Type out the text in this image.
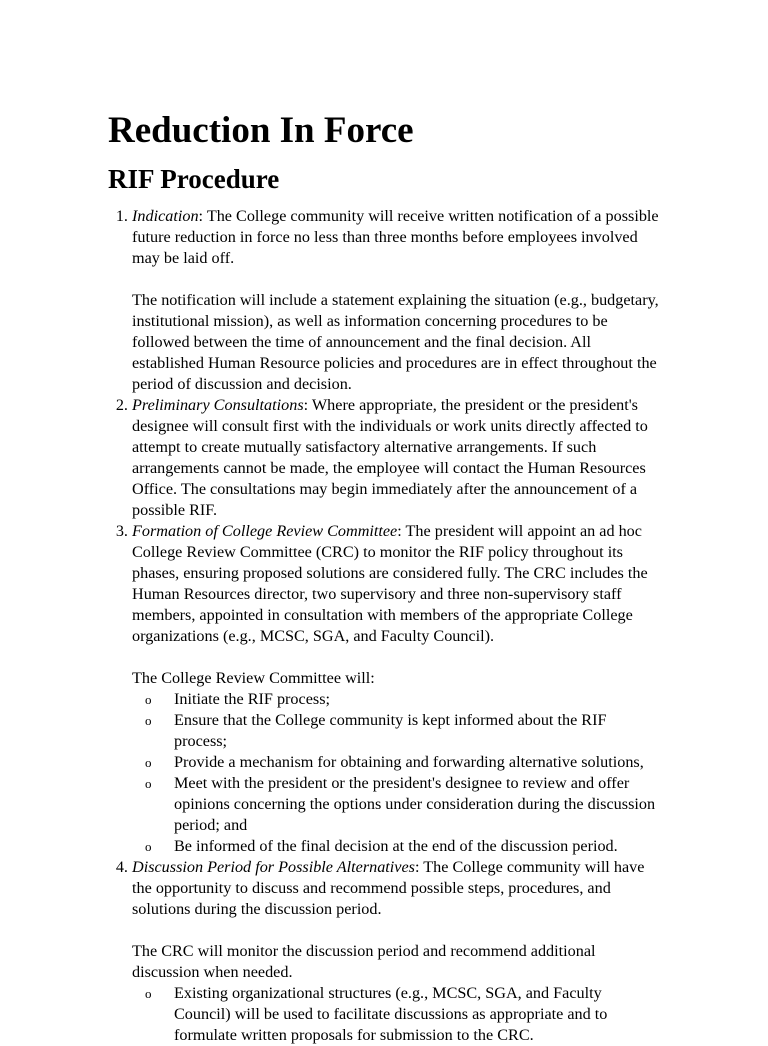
Reduction In Force
RIF Procedure

1. Indication: The College community will receive written notification of a possible future reduction in force no less than three months before employees involved may be laid off.

The notification will include a statement explaining the situation (e.g., budgetary, institutional mission), as well as information concerning procedures to be followed between the time of announcement and the final decision. All established Human Resource policies and procedures are in effect throughout the period of discussion and decision.

2. Preliminary Consultations: Where appropriate, the president or the president's designee will consult first with the individuals or work units directly affected to attempt to create mutually satisfactory alternative arrangements. If such arrangements cannot be made, the employee will contact the Human Resources Office. The consultations may begin immediately after the announcement of a possible RIF.

3. Formation of College Review Committee: The president will appoint an ad hoc College Review Committee (CRC) to monitor the RIF policy throughout its phases, ensuring proposed solutions are considered fully. The CRC includes the Human Resources director, two supervisory and three non-supervisory staff members, appointed in consultation with members of the appropriate College organizations (e.g., MCSC, SGA, and Faculty Council).

The College Review Committee will:

o Initiate the RIF process;
o Ensure that the College community is kept informed about the RIF process;
o Provide a mechanism for obtaining and forwarding alternative solutions,
o Meet with the president or the president's designee to review and offer opinions concerning the options under consideration during the discussion period; and
o Be informed of the final decision at the end of the discussion period.

4. Discussion Period for Possible Alternatives: The College community will have the opportunity to discuss and recommend possible steps, procedures, and solutions during the discussion period.

The CRC will monitor the discussion period and recommend additional discussion when needed.

o Existing organizational structures (e.g., MCSC, SGA, and Faculty Council) will be used to facilitate discussions as appropriate and to formulate written proposals for submission to the CRC.
